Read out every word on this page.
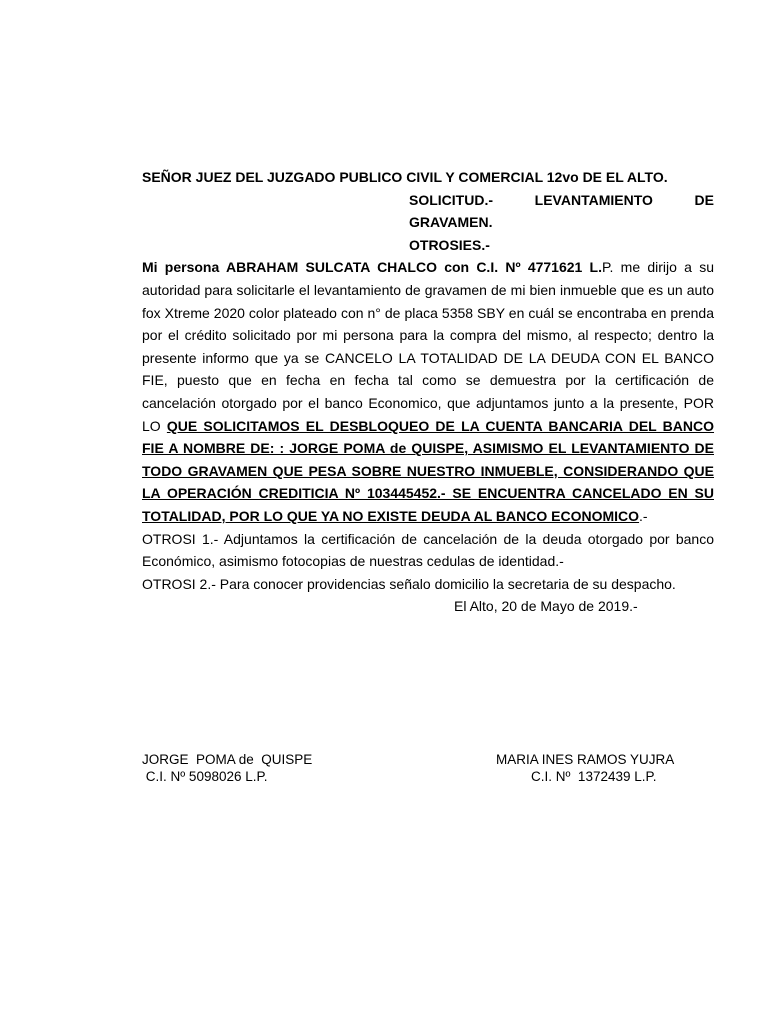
SEÑOR JUEZ DEL JUZGADO PUBLICO CIVIL Y COMERCIAL 12vo DE EL ALTO.

SOLICITUD.- LEVANTAMIENTO DE GRAVAMEN.

OTROSIES.-

Mi persona ABRAHAM SULCATA CHALCO con C.I. Nº 4771621 L.P. me dirijo a su autoridad para solicitarle el levantamiento de gravamen de mi bien inmueble que es un auto fox Xtreme 2020 color plateado con n° de placa 5358 SBY en cuál se encontraba en prenda por el crédito solicitado por mi persona para la compra del mismo, al respecto; dentro la presente informo que ya se CANCELO LA TOTALIDAD DE LA DEUDA CON EL BANCO FIE, puesto que en fecha en fecha tal como se demuestra por la certificación de cancelación otorgado por el banco Economico, que adjuntamos junto a la presente, POR LO QUE SOLICITAMOS EL DESBLOQUEO DE LA CUENTA BANCARIA DEL BANCO FIE A NOMBRE DE: : JORGE POMA de QUISPE, ASIMISMO EL LEVANTAMIENTO DE TODO GRAVAMEN QUE PESA SOBRE NUESTRO INMUEBLE, CONSIDERANDO QUE LA OPERACIÓN CREDITICIA Nº 103445452.- SE ENCUENTRA CANCELADO EN SU TOTALIDAD, POR LO QUE YA NO EXISTE DEUDA AL BANCO ECONOMICO.-

OTROSI 1.- Adjuntamos la certificación de cancelación de la deuda otorgado por banco Económico, asimismo fotocopias de nuestras cedulas de identidad.-

OTROSI 2.- Para conocer providencias señalo domicilio la secretaria de su despacho.

El Alto, 20 de Mayo de 2019.-

JORGE  POMA de  QUISPE
C.I. Nº 5098026 L.P.
MARIA INES RAMOS YUJRA
C.I. Nº  1372439 L.P.
